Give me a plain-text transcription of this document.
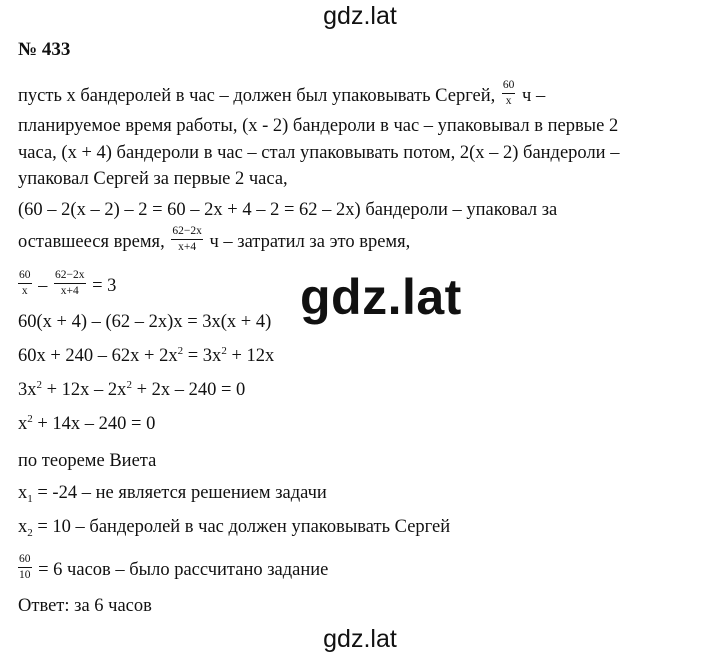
gdz.lat
№ 433
пусть x бандеролей в час – должен был упаковывать Сергей, $\frac{60}{x}$ ч –
планируемое время работы, (x - 2) бандероли в час – упаковывал в первые 2
часа, (x + 4) бандероли в час – стал упаковывать потом, 2(x – 2) бандероли –
упаковал Сергей за первые 2 часа,
(60 – 2(x – 2) – 2 = 60 – 2x + 4 – 2 = 62 – 2x) бандероли – упаковал за
оставшееся время, $\frac{62-2x}{x+4}$ ч – затратил за это время,
$\frac{60}{x} - \frac{62-2x}{x+4} = 3$
60(x + 4) – (62 – 2x)x = 3x(x + 4)
$60x + 240 - 62x + 2x^2 = 3x^2 + 12x$
$3x^2 + 12x - 2x^2 + 2x - 240 = 0$
$x^2 + 14x - 240 = 0$
по теореме Виета
$x_1 = -24$ – не является решением задачи
$x_2 = 10$ – бандеролей в час должен упаковывать Сергей
$\frac{60}{10} = 6$ часов – было рассчитано задание
Ответ: за 6 часов
gdz.lat
gdz.lat
